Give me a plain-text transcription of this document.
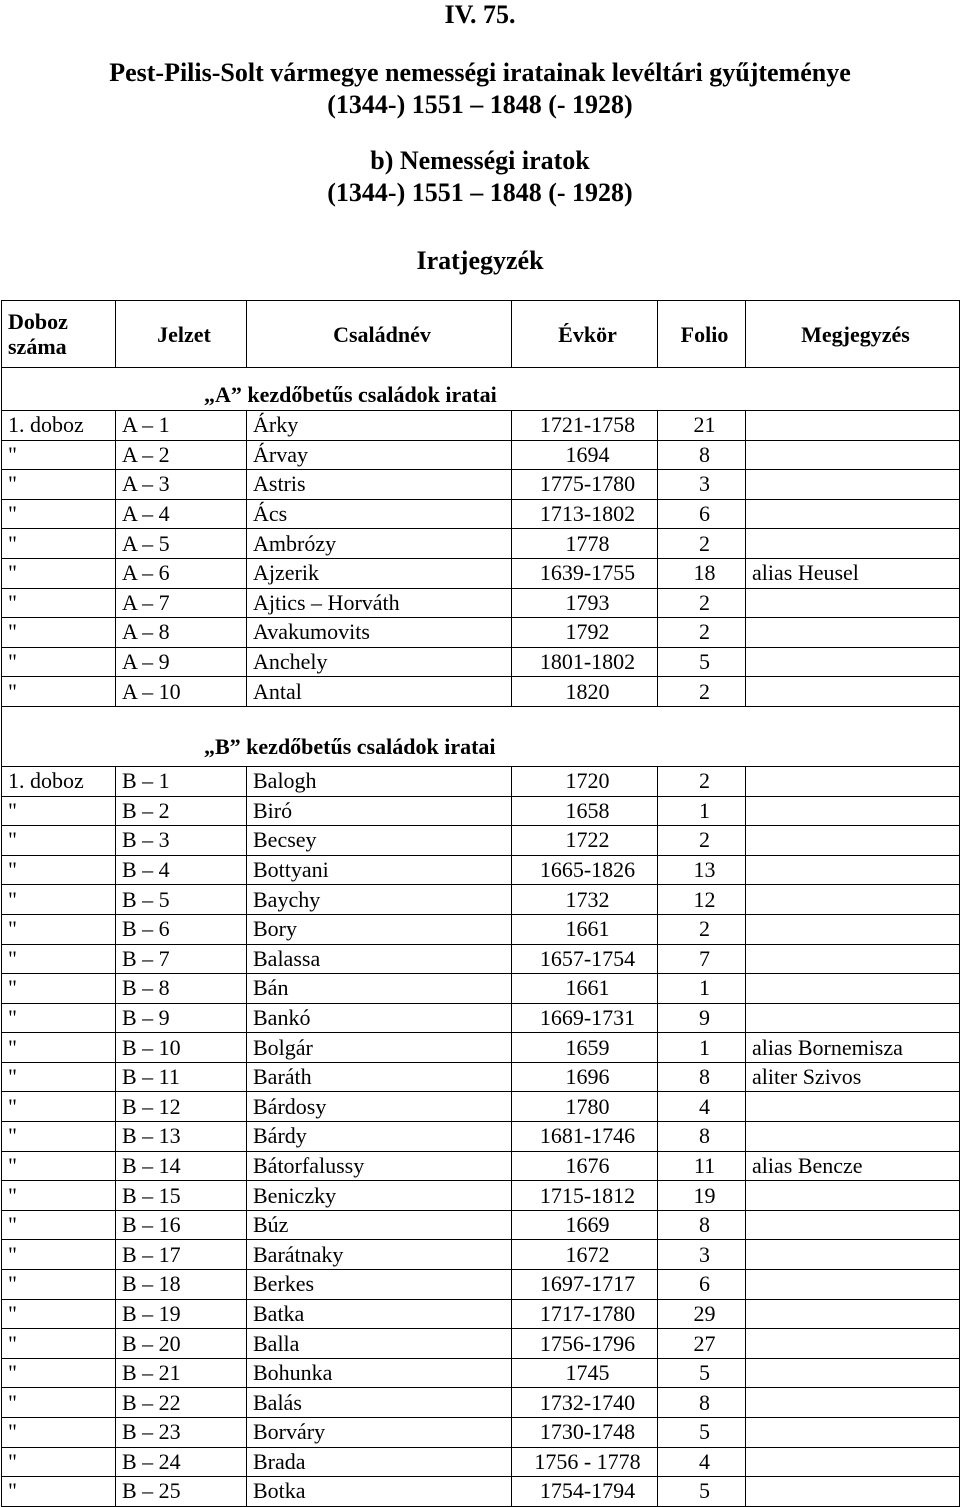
IV. 75.
Pest-Pilis-Solt vármegye nemességi iratainak levéltári gyűjteménye
(1344-) 1551 – 1848 (- 1928)
b) Nemességi iratok
(1344-) 1551 – 1848 (- 1928)
Iratjegyzék
Doboz
száma	Jelzet	Családnév	Évkör	Folio	Megjegyzés
„A” kezdőbetűs családok iratai					
1. doboz	A – 1	Árky	1721-1758	21	
"	A – 2	Árvay	1694	8	
"	A – 3	Astris	1775-1780	3	
"	A – 4	Ács	1713-1802	6	
"	A – 5	Ambrózy	1778	2	
"	A – 6	Ajzerik	1639-1755	18	alias Heusel
"	A – 7	Ajtics – Horváth	1793	2	
"	A – 8	Avakumovits	1792	2	
"	A – 9	Anchely	1801-1802	5	
"	A – 10	Antal	1820	2	
„B” kezdőbetűs családok iratai					
1. doboz	B – 1	Balogh	1720	2	
"	B – 2	Biró	1658	1	
"	B – 3	Becsey	1722	2	
"	B – 4	Bottyani	1665-1826	13	
"	B – 5	Baychy	1732	12	
"	B – 6	Bory	1661	2	
"	B – 7	Balassa	1657-1754	7	
"	B – 8	Bán	1661	1	
"	B – 9	Bankó	1669-1731	9	
"	B – 10	Bolgár	1659	1	alias Bornemisza
"	B – 11	Baráth	1696	8	aliter Szivos
"	B – 12	Bárdosy	1780	4	
"	B – 13	Bárdy	1681-1746	8	
"	B – 14	Bátorfalussy	1676	11	alias Bencze
"	B – 15	Beniczky	1715-1812	19	
"	B – 16	Búz	1669	8	
"	B – 17	Barátnaky	1672	3	
"	B – 18	Berkes	1697-1717	6	
"	B – 19	Batka	1717-1780	29	
"	B – 20	Balla	1756-1796	27	
"	B – 21	Bohunka	1745	5	
"	B – 22	Balás	1732-1740	8	
"	B – 23	Borváry	1730-1748	5	
"	B – 24	Brada	1756 - 1778	4	
"	B – 25	Botka	1754-1794	5	
